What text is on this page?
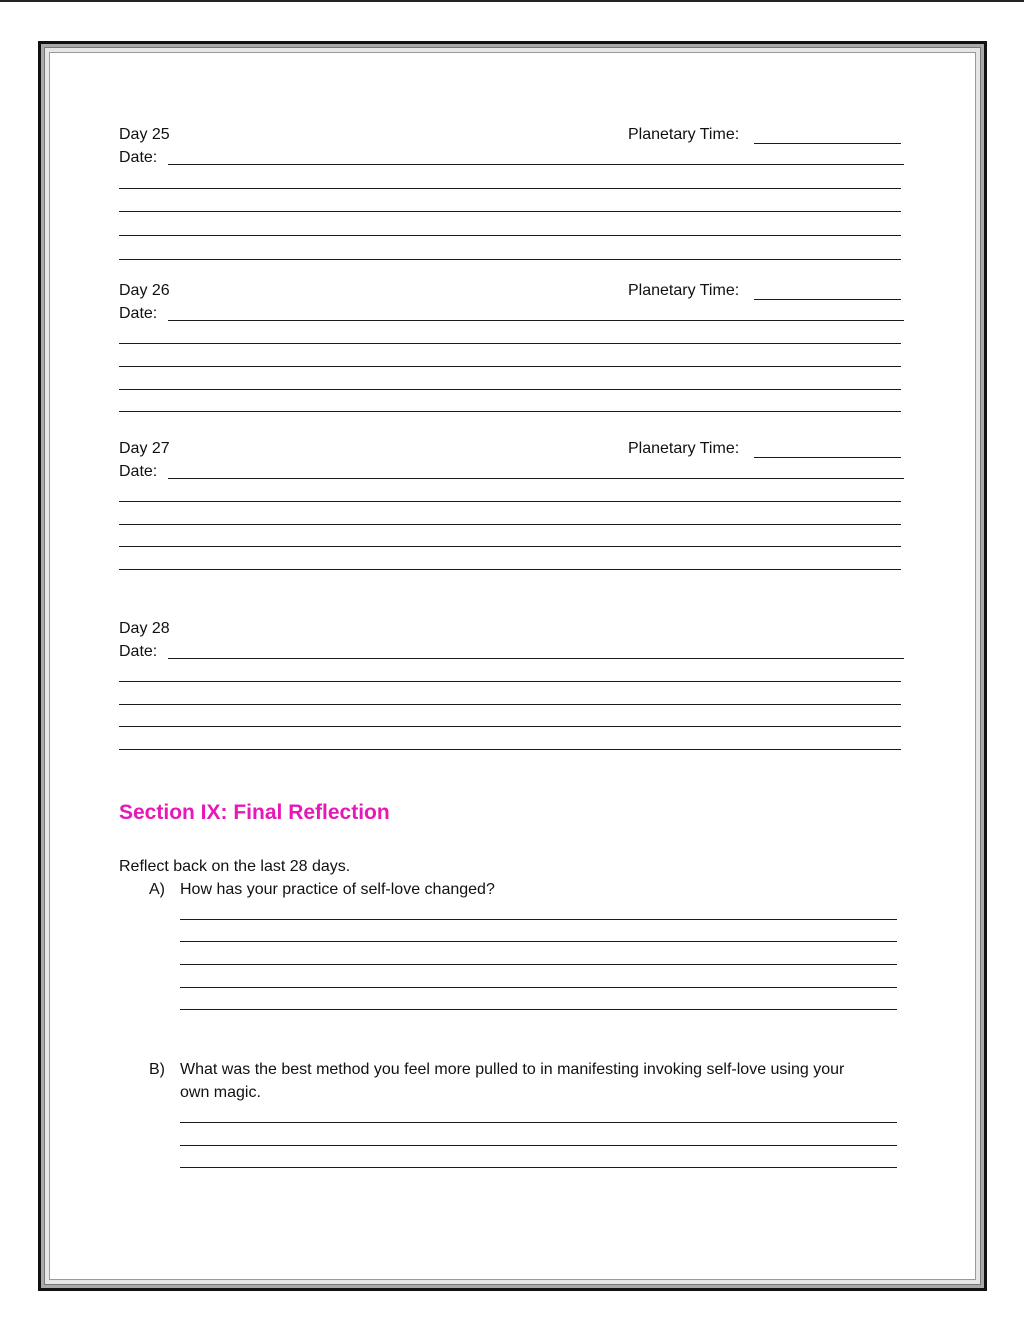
Day 25	Planetary Time:
Date:
Day 26	Planetary Time:
Date:
Day 27	Planetary Time:
Date:
Day 28
Date:
Section IX: Final Reflection
Reflect back on the last 28 days.
A) How has your practice of self-love changed?
B) What was the best method you feel more pulled to in manifesting invoking self-love using your
own magic.
